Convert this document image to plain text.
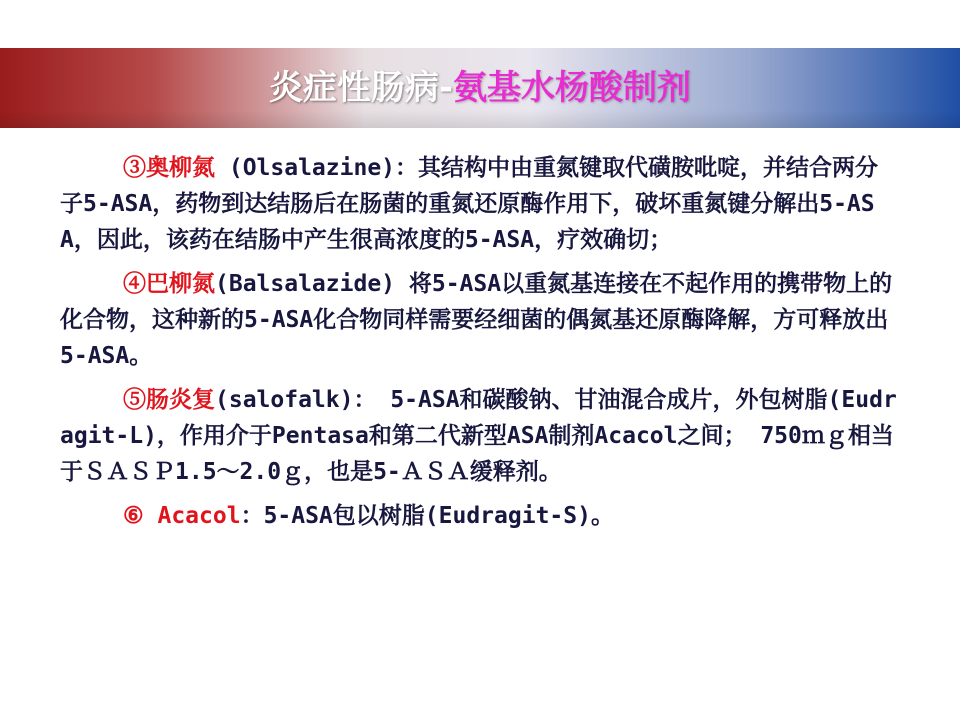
炎症性肠病-氨基水杨酸制剂

③奥柳氮 (Olsalazine)：其结构中由重氮键取代磺胺吡啶，并结合两分子5-ASA，药物到达结肠后在肠菌的重氮还原酶作用下，破坏重氮键分解出5-ASA，因此，该药在结肠中产生很高浓度的5-ASA，疗效确切；

④巴柳氮(Balsalazide) 将5-ASA以重氮基连接在不起作用的携带物上的化合物，这种新的5-ASA化合物同样需要经细菌的偶氮基还原酶降解，方可释放出5-ASA。

⑤肠炎复(salofalk)： 5-ASA和碳酸钠、甘油混合成片，外包树脂(Eudragit-L)，作用介于Pentasa和第二代新型ASA制剂Acacol之间； 750ｍｇ相当于ＳＡＳＰ1.5～2.0ｇ，也是5-ＡＳＡ缓释剂。

⑥ Acacol：5-ASA包以树脂(Eudragit-S)。
